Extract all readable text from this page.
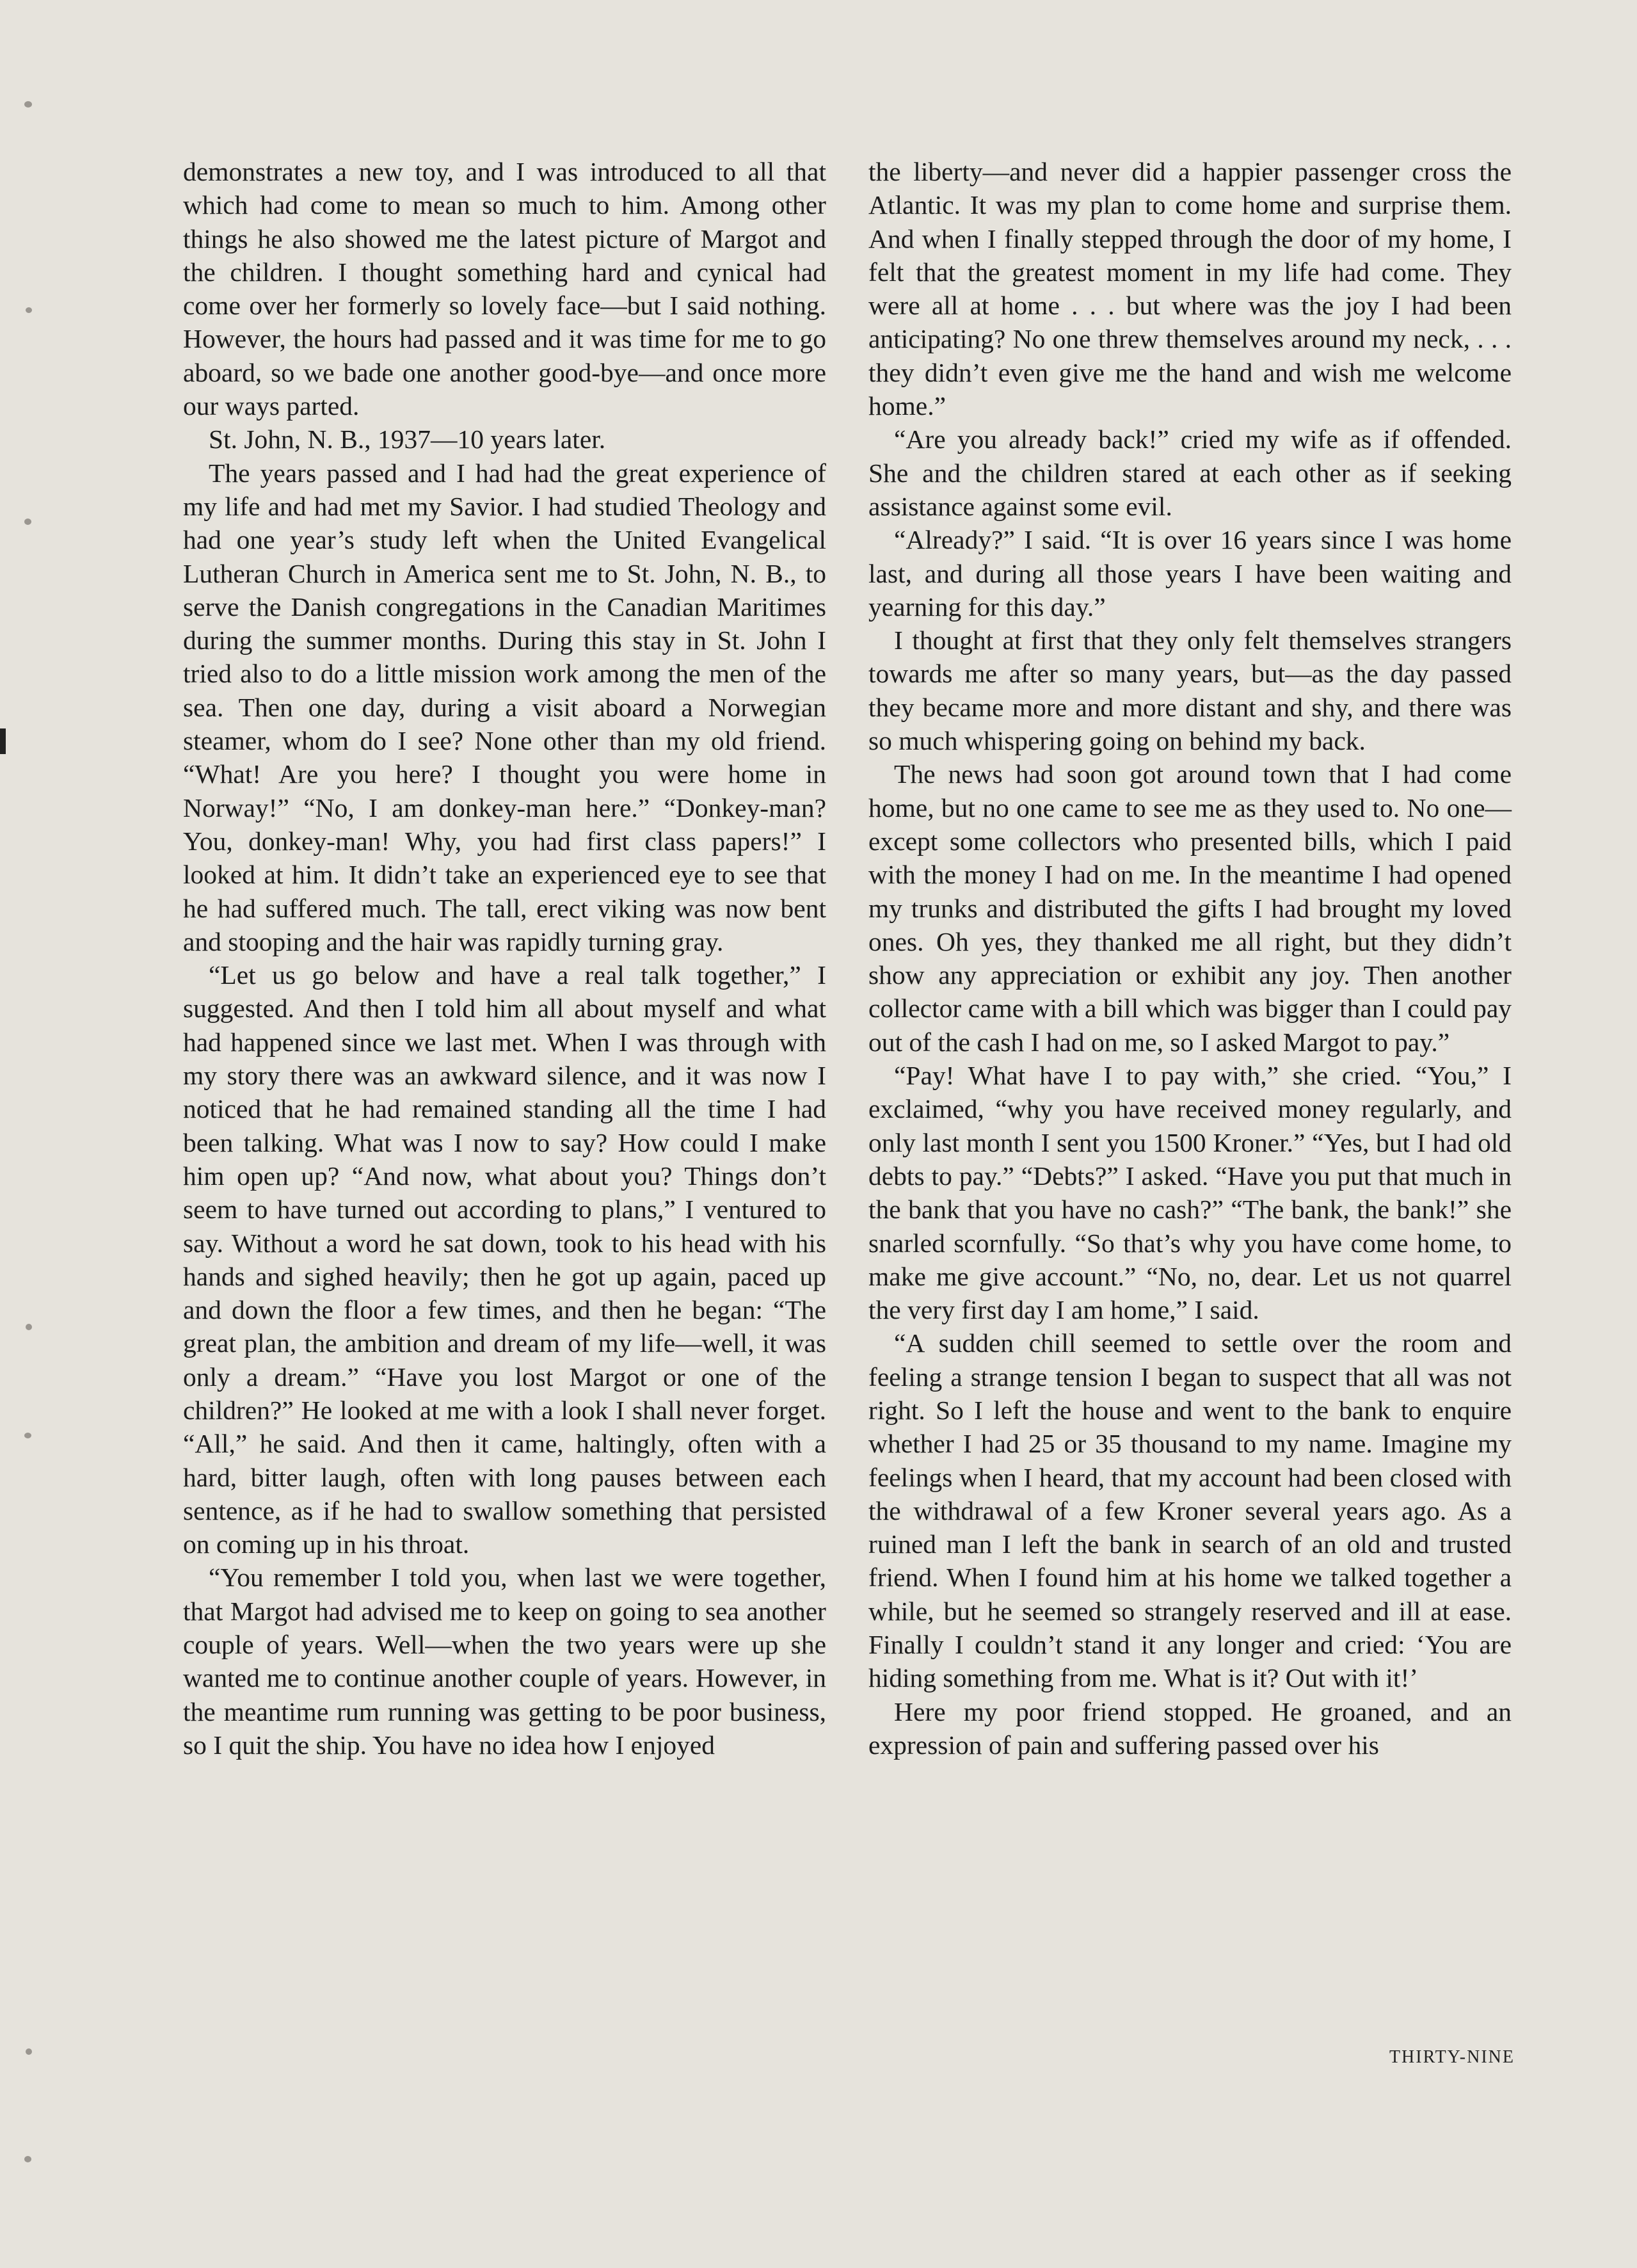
demonstrates a new toy, and I was introduced to all that which had come to mean so much to him. Among other things he also showed me the latest picture of Margot and the children. I thought something hard and cynical had come over her formerly so lovely face—but I said nothing. However, the hours had passed and it was time for me to go aboard, so we bade one another good-bye—and once more our ways parted.

St. John, N. B., 1937—10 years later.

The years passed and I had had the great experience of my life and had met my Savior. I had studied Theology and had one year’s study left when the United Evangelical Lutheran Church in America sent me to St. John, N. B., to serve the Danish congregations in the Canadian Maritimes during the summer months. During this stay in St. John I tried also to do a little mission work among the men of the sea. Then one day, during a visit aboard a Norwegian steamer, whom do I see? None other than my old friend. “What! Are you here? I thought you were home in Norway!” “No, I am donkey-man here.” “Donkey-man? You, donkey-man! Why, you had first class papers!” I looked at him. It didn’t take an experienced eye to see that he had suffered much. The tall, erect viking was now bent and stooping and the hair was rapidly turning gray.

“Let us go below and have a real talk together,” I suggested. And then I told him all about myself and what had happened since we last met. When I was through with my story there was an awkward silence, and it was now I noticed that he had remained standing all the time I had been talking. What was I now to say? How could I make him open up? “And now, what about you? Things don’t seem to have turned out according to plans,” I ventured to say. Without a word he sat down, took to his head with his hands and sighed heavily; then he got up again, paced up and down the floor a few times, and then he began: “The great plan, the ambition and dream of my life—well, it was only a dream.” “Have you lost Margot or one of the children?” He looked at me with a look I shall never forget. “All,” he said. And then it came, haltingly, often with a hard, bitter laugh, often with long pauses between each sentence, as if he had to swallow something that persisted on coming up in his throat.

“You remember I told you, when last we were together, that Margot had advised me to keep on going to sea another couple of years. Well—when the two years were up she wanted me to continue another couple of years. However, in the meantime rum running was getting to be poor business, so I quit the ship. You have no idea how I enjoyed

the liberty—and never did a happier passenger cross the Atlantic. It was my plan to come home and surprise them. And when I finally stepped through the door of my home, I felt that the greatest moment in my life had come. They were all at home . . . but where was the joy I had been anticipating? No one threw themselves around my neck, . . . they didn’t even give me the hand and wish me welcome home.”

“Are you already back!” cried my wife as if offended. She and the children stared at each other as if seeking assistance against some evil.

“Already?” I said. “It is over 16 years since I was home last, and during all those years I have been waiting and yearning for this day.”

I thought at first that they only felt themselves strangers towards me after so many years, but—as the day passed they became more and more distant and shy, and there was so much whispering going on behind my back.

The news had soon got around town that I had come home, but no one came to see me as they used to. No one—except some collectors who presented bills, which I paid with the money I had on me. In the meantime I had opened my trunks and distributed the gifts I had brought my loved ones. Oh yes, they thanked me all right, but they didn’t show any appreciation or exhibit any joy. Then another collector came with a bill which was bigger than I could pay out of the cash I had on me, so I asked Margot to pay.”

“Pay! What have I to pay with,” she cried. “You,” I exclaimed, “why you have received money regularly, and only last month I sent you 1500 Kroner.” “Yes, but I had old debts to pay.” “Debts?” I asked. “Have you put that much in the bank that you have no cash?” “The bank, the bank!” she snarled scornfully. “So that’s why you have come home, to make me give account.” “No, no, dear. Let us not quarrel the very first day I am home,” I said.

“A sudden chill seemed to settle over the room and feeling a strange tension I began to suspect that all was not right. So I left the house and went to the bank to enquire whether I had 25 or 35 thousand to my name. Imagine my feelings when I heard, that my account had been closed with the withdrawal of a few Kroner several years ago. As a ruined man I left the bank in search of an old and trusted friend. When I found him at his home we talked together a while, but he seemed so strangely reserved and ill at ease. Finally I couldn’t stand it any longer and cried: ‘You are hiding something from me. What is it? Out with it!’

Here my poor friend stopped. He groaned, and an expression of pain and suffering passed over his

THIRTY-NINE
